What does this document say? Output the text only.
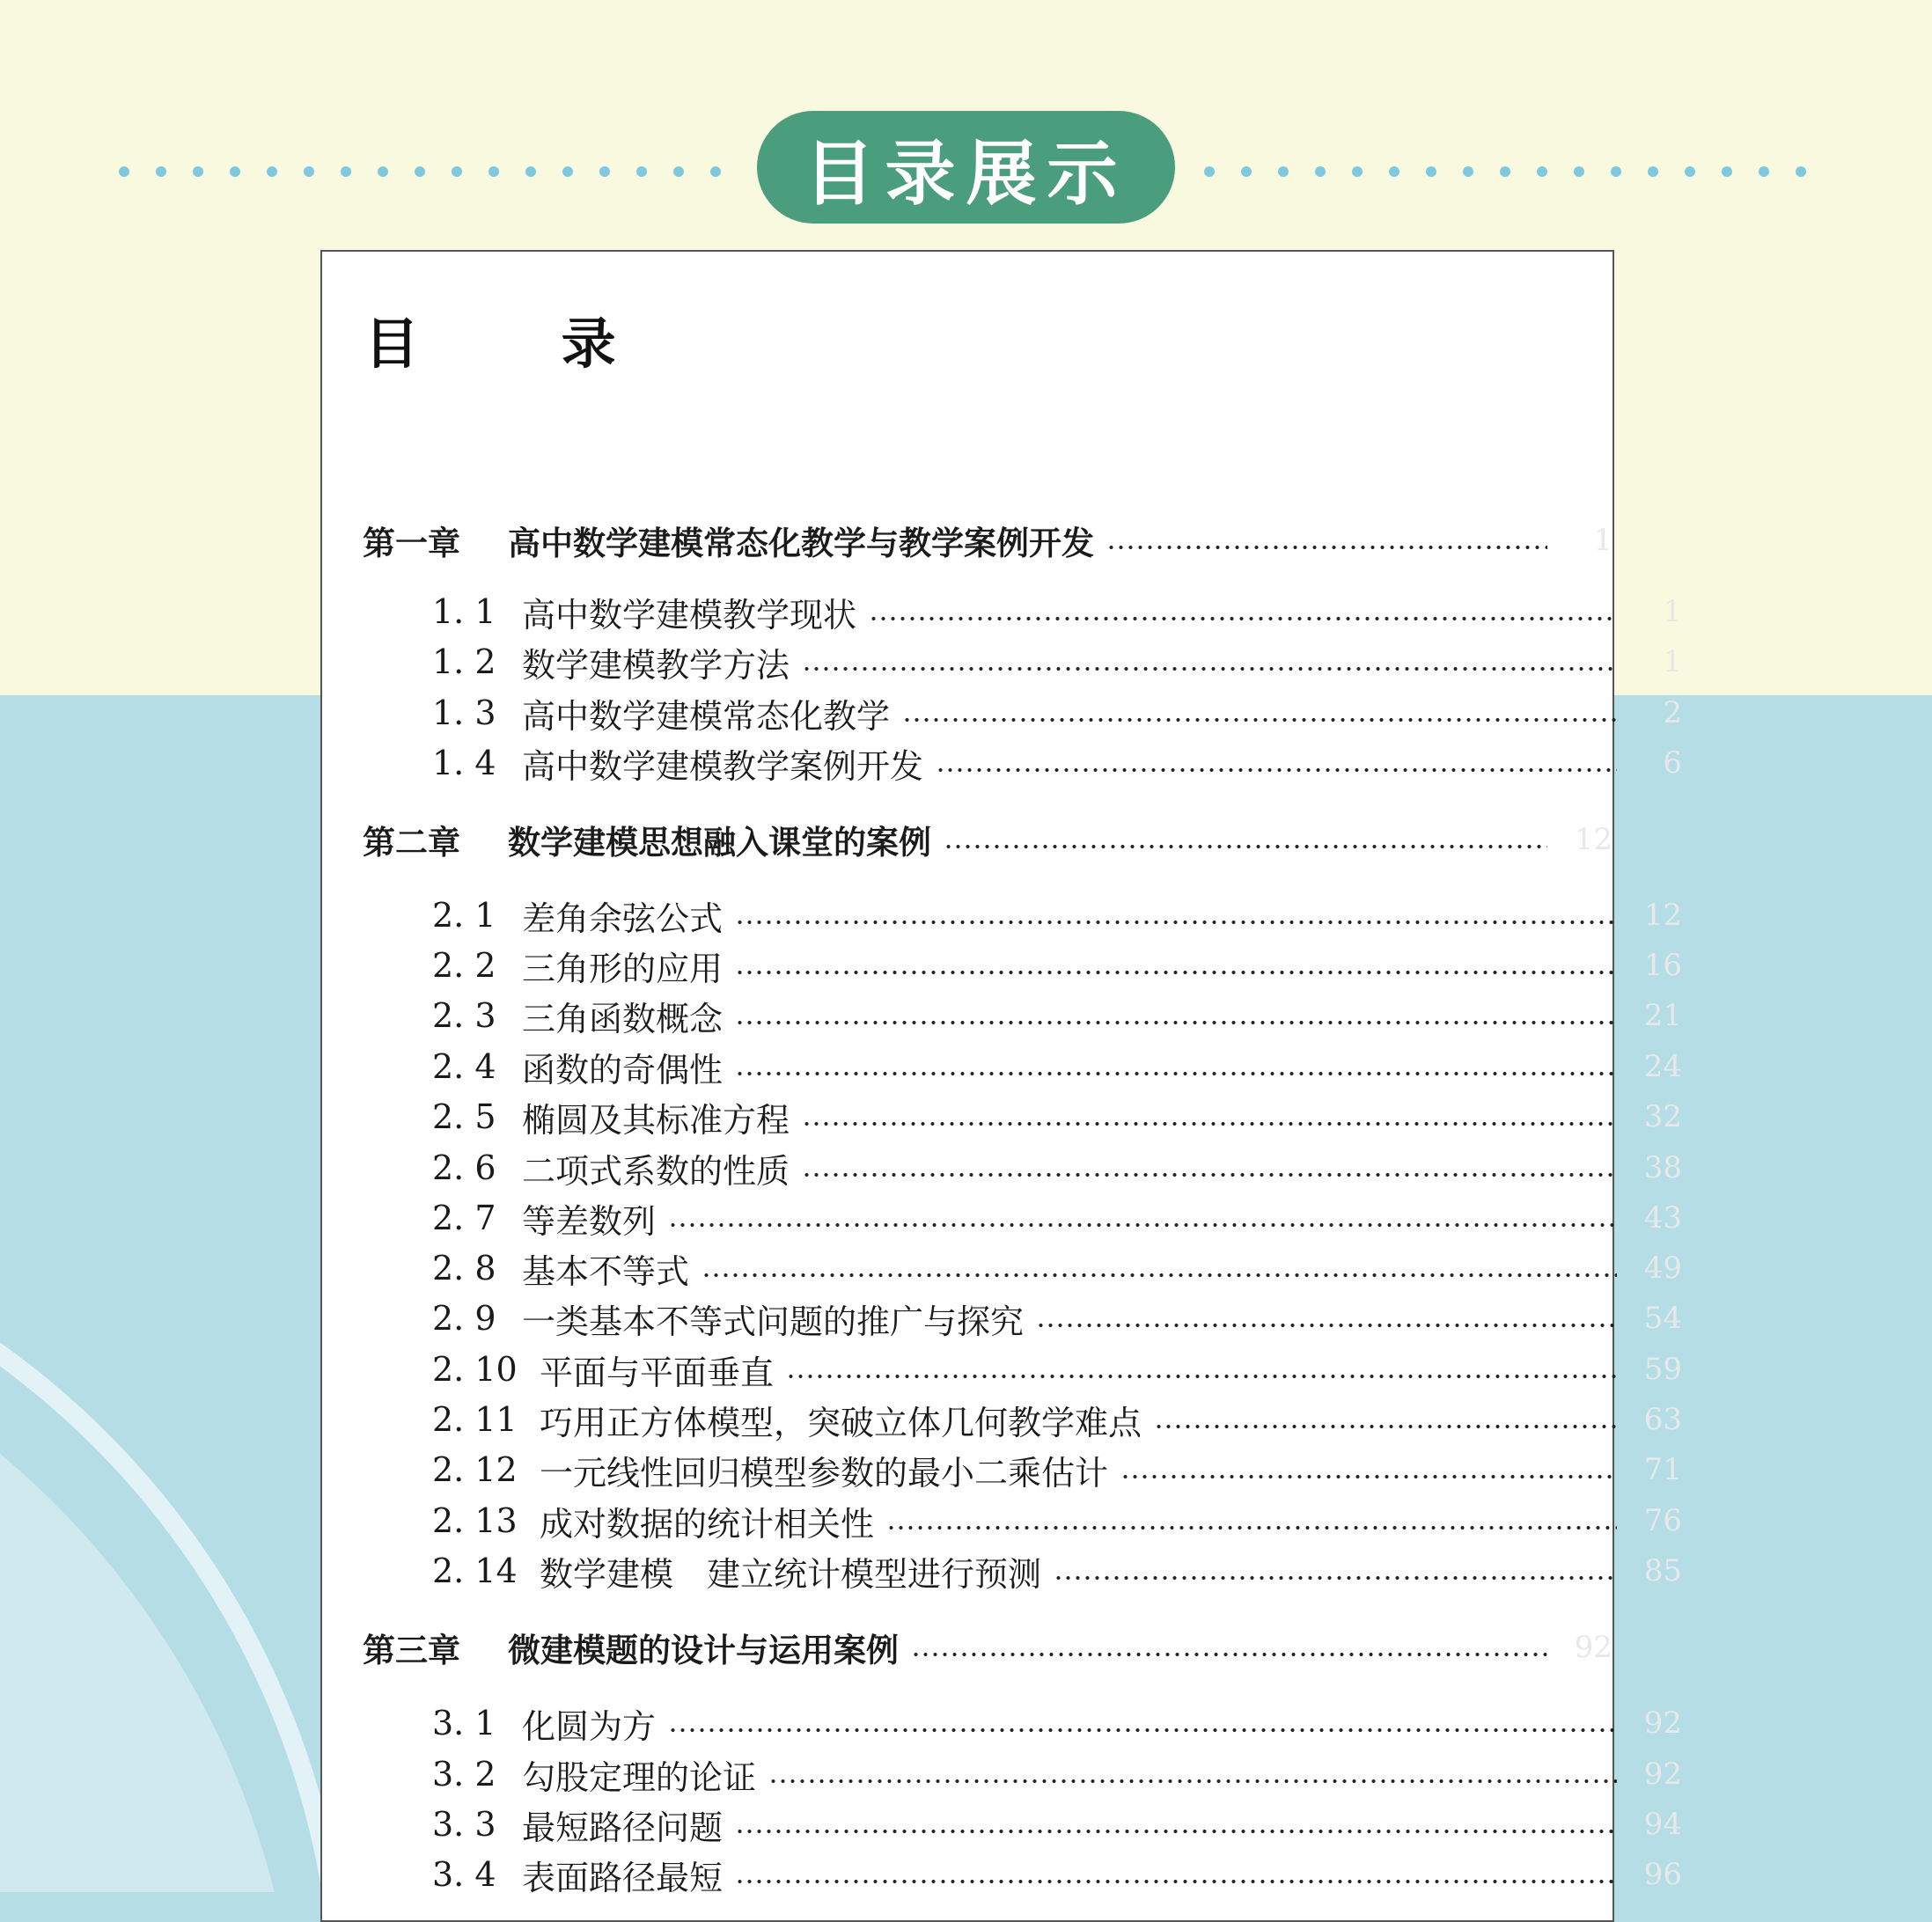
目录展示
目 录
第一章	高中数学建模常态化教学与教学案例开发	1
1. 1 高中数学建模教学现状	1
1. 2 数学建模教学方法	1
1. 3 高中数学建模常态化教学	2
1. 4 高中数学建模教学案例开发	6
第二章	数学建模思想融入课堂的案例	12
2. 1 差角余弦公式	12
2. 2 三角形的应用	16
2. 3 三角函数概念	21
2. 4 函数的奇偶性	24
2. 5 椭圆及其标准方程	32
2. 6 二项式系数的性质	38
2. 7 等差数列	43
2. 8 基本不等式	49
2. 9 一类基本不等式问题的推广与探究	54
2. 10 平面与平面垂直	59
2. 11 巧用正方体模型，突破立体几何教学难点	63
2. 12 一元线性回归模型参数的最小二乘估计	71
2. 13 成对数据的统计相关性	76
2. 14 数学建模　建立统计模型进行预测	85
第三章	微建模题的设计与运用案例	92
3. 1 化圆为方	92
3. 2 勾股定理的论证	92
3. 3 最短路径问题	94
3. 4 表面路径最短	96
